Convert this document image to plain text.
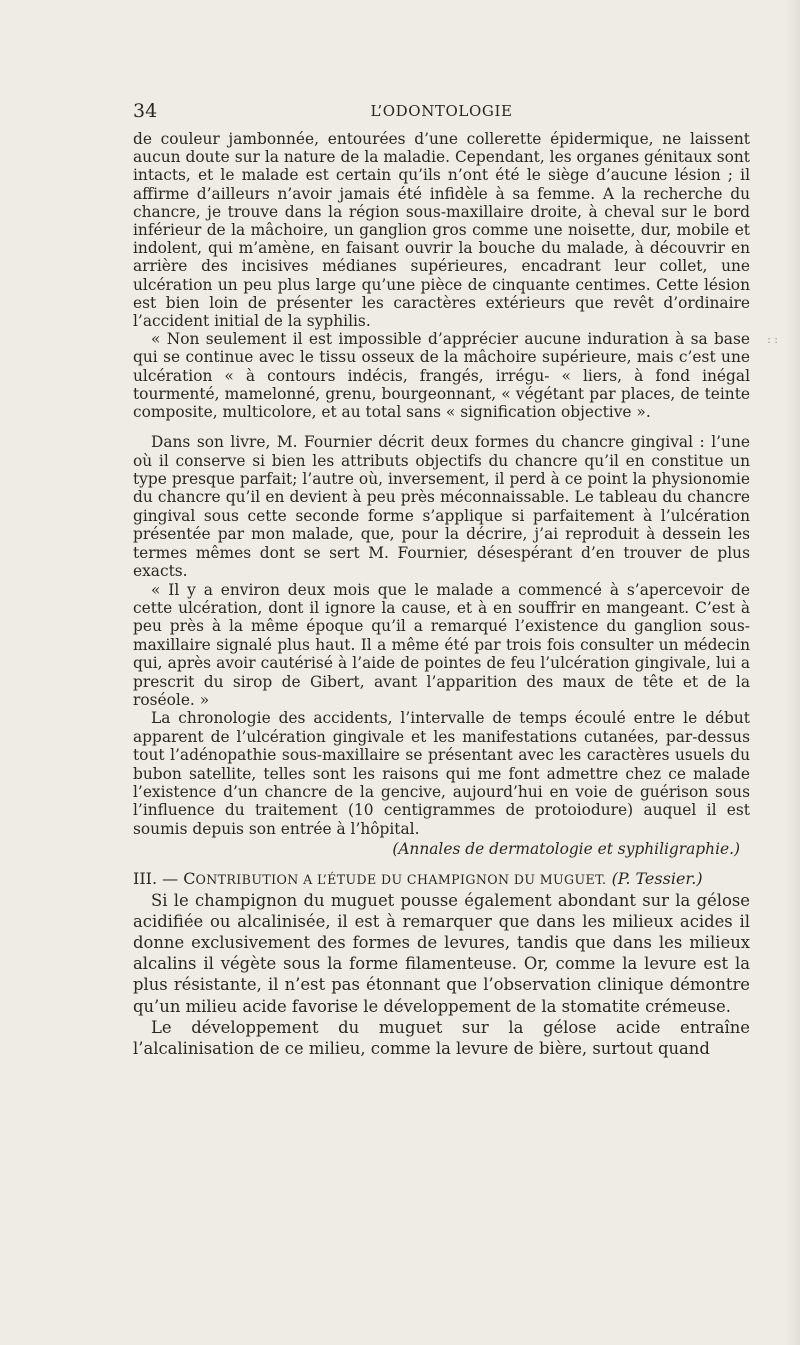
34	L’ODONTOLOGIE
: :

de couleur jambonnée, entourées d’une collerette épidermique, ne laissent aucun doute sur la nature de la maladie. Cependant, les organes génitaux sont intacts, et le malade est certain qu’ils n’ont été le siège d’aucune lésion ; il affirme d’ailleurs n’avoir jamais été infidèle à sa femme. A la recherche du chancre, je trouve dans la région sous-maxillaire droite, à cheval sur le bord inférieur de la mâchoire, un ganglion gros comme une noisette, dur, mobile et indolent, qui m’amène, en faisant ouvrir la bouche du malade, à découvrir en arrière des incisives médianes supérieures, encadrant leur collet, une ulcération un peu plus large qu’une pièce de cinquante centimes. Cette lésion est bien loin de présenter les caractères extérieurs que revêt d’ordinaire l’accident initial de la syphilis.

« Non seulement il est impossible d’apprécier aucune induration à sa base qui se continue avec le tissu osseux de la mâchoire supérieure, mais c’est une ulcération « à contours indécis, frangés, irrégu- « liers, à fond inégal tourmenté, mamelonné, grenu, bourgeonnant, « végétant par places, de teinte composite, multicolore, et au total sans « signification objective ».

Dans son livre, M. Fournier décrit deux formes du chancre gingival : l’une où il conserve si bien les attributs objectifs du chancre qu’il en constitue un type presque parfait; l’autre où, inversement, il perd à ce point la physionomie du chancre qu’il en devient à peu près méconnaissable. Le tableau du chancre gingival sous cette seconde forme s’applique si parfaitement à l’ulcération présentée par mon malade, que, pour la décrire, j’ai reproduit à dessein les termes mêmes dont se sert M. Fournier, désespérant d’en trouver de plus exacts.

« Il y a environ deux mois que le malade a commencé à s’apercevoir de cette ulcération, dont il ignore la cause, et à en souffrir en mangeant. C’est à peu près à la même époque qu’il a remarqué l’existence du ganglion sous-maxillaire signalé plus haut. Il a même été par trois fois consulter un médecin qui, après avoir cautérisé à l’aide de pointes de feu l’ulcération gingivale, lui a prescrit du sirop de Gibert, avant l’apparition des maux de tête et de la roséole. »

La chronologie des accidents, l’intervalle de temps écoulé entre le début apparent de l’ulcération gingivale et les manifestations cutanées, par-dessus tout l’adénopathie sous-maxillaire se présentant avec les caractères usuels du bubon satellite, telles sont les raisons qui me font admettre chez ce malade l’existence d’un chancre de la gencive, aujourd’hui en voie de guérison sous l’influence du traitement (10 centigrammes de protoiodure) auquel il est soumis depuis son entrée à l’hôpital.

(Annales de dermatologie et syphiligraphie.)
III. — CONTRIBUTION A L’ÉTUDE DU CHAMPIGNON DU MUGUET. (P. Tessier.)

Si le champignon du muguet pousse également abondant sur la gélose acidifiée ou alcalinisée, il est à remarquer que dans les milieux acides il donne exclusivement des formes de levures, tandis que dans les milieux alcalins il végète sous la forme filamenteuse. Or, comme la levure est la plus résistante, il n’est pas étonnant que l’observation clinique démontre qu’un milieu acide favorise le développement de la stomatite crémeuse.

Le développement du muguet sur la gélose acide entraîne l’alcalinisation de ce milieu, comme la levure de bière, surtout quand
